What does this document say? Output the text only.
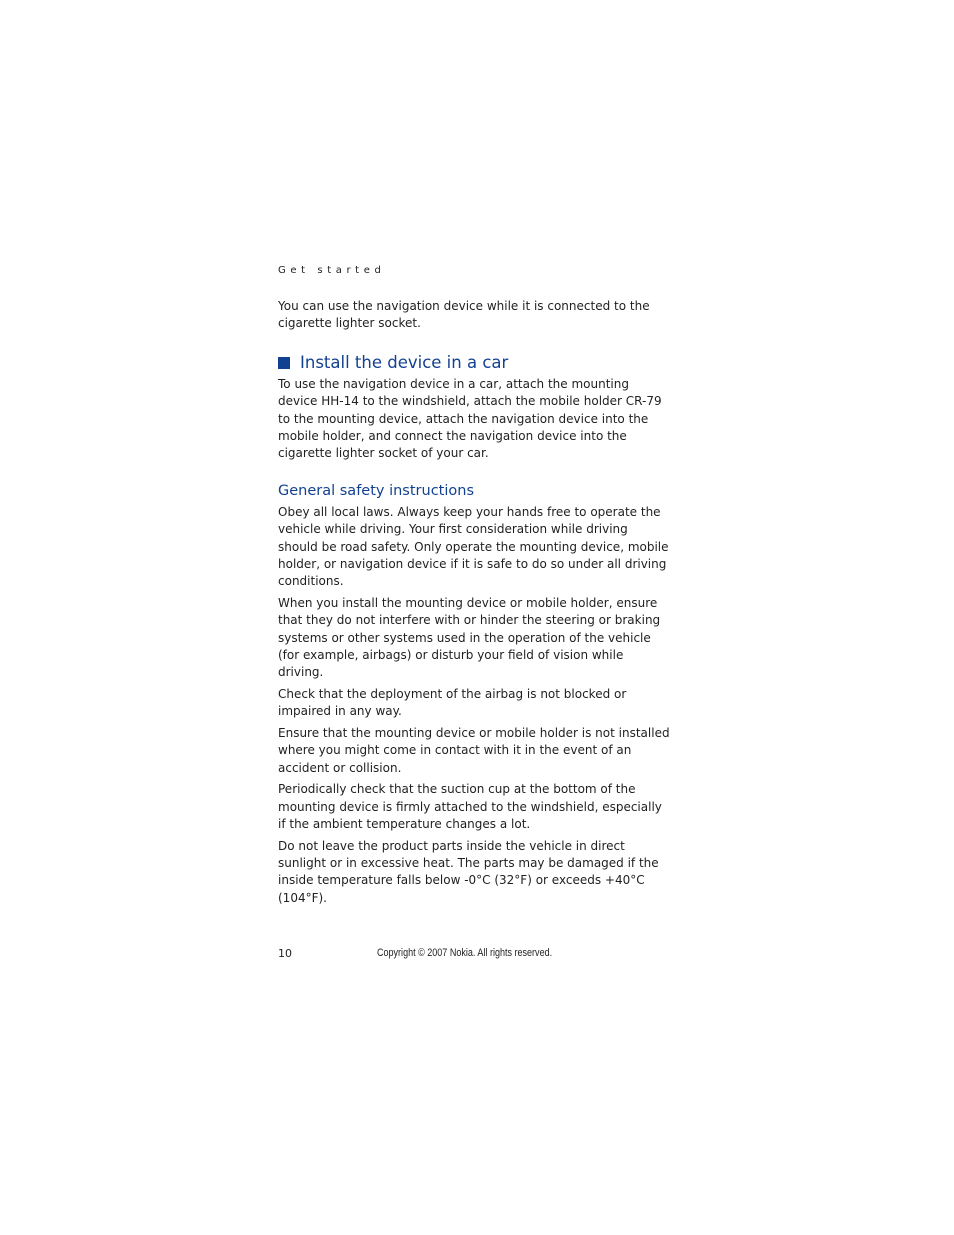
Get started

You can use the navigation device while it is connected to the cigarette lighter socket.

Install the device in a car

To use the navigation device in a car, attach the mounting device HH-14 to the windshield, attach the mobile holder CR-79 to the mounting device, attach the navigation device into the mobile holder, and connect the navigation device into the cigarette lighter socket of your car.

General safety instructions

Obey all local laws. Always keep your hands free to operate the vehicle while driving. Your first consideration while driving should be road safety. Only operate the mounting device, mobile holder, or navigation device if it is safe to do so under all driving conditions.

When you install the mounting device or mobile holder, ensure that they do not interfere with or hinder the steering or braking systems or other systems used in the operation of the vehicle (for example, airbags) or disturb your field of vision while driving.

Check that the deployment of the airbag is not blocked or impaired in any way.

Ensure that the mounting device or mobile holder is not installed where you might come in contact with it in the event of an accident or collision.

Periodically check that the suction cup at the bottom of the mounting device is firmly attached to the windshield, especially if the ambient temperature changes a lot.

Do not leave the product parts inside the vehicle in direct sunlight or in excessive heat. The parts may be damaged if the inside temperature falls below -0°C (32°F) or exceeds +40°C (104°F).

10	Copyright © 2007 Nokia. All rights reserved.
